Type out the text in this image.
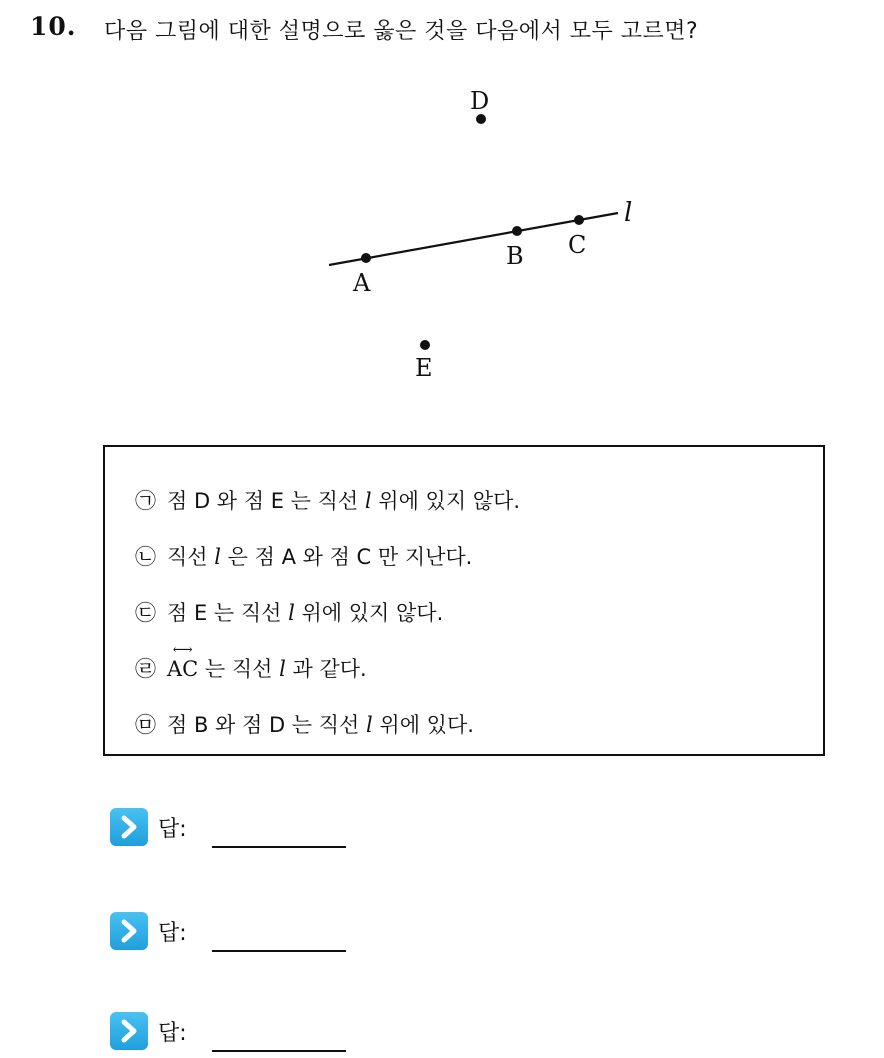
10. 다음 그림에 대한 설명으로 옳은 것을 다음에서 모두 고르면?
l
D
A
B C
E
㉠ 점 D 와 점 E 는 직선 l 위에 있지 않다.
㉡ 직선 l 은 점 A 와 점 C 만 지난다.
㉢ 점 E 는 직선 l 위에 있지 않다.
㉣⟷ AC 는 직선 l 과 같다.
㉤ 점 B 와 점 D 는 직선 l 위에 있다.
답:
답:
답:
